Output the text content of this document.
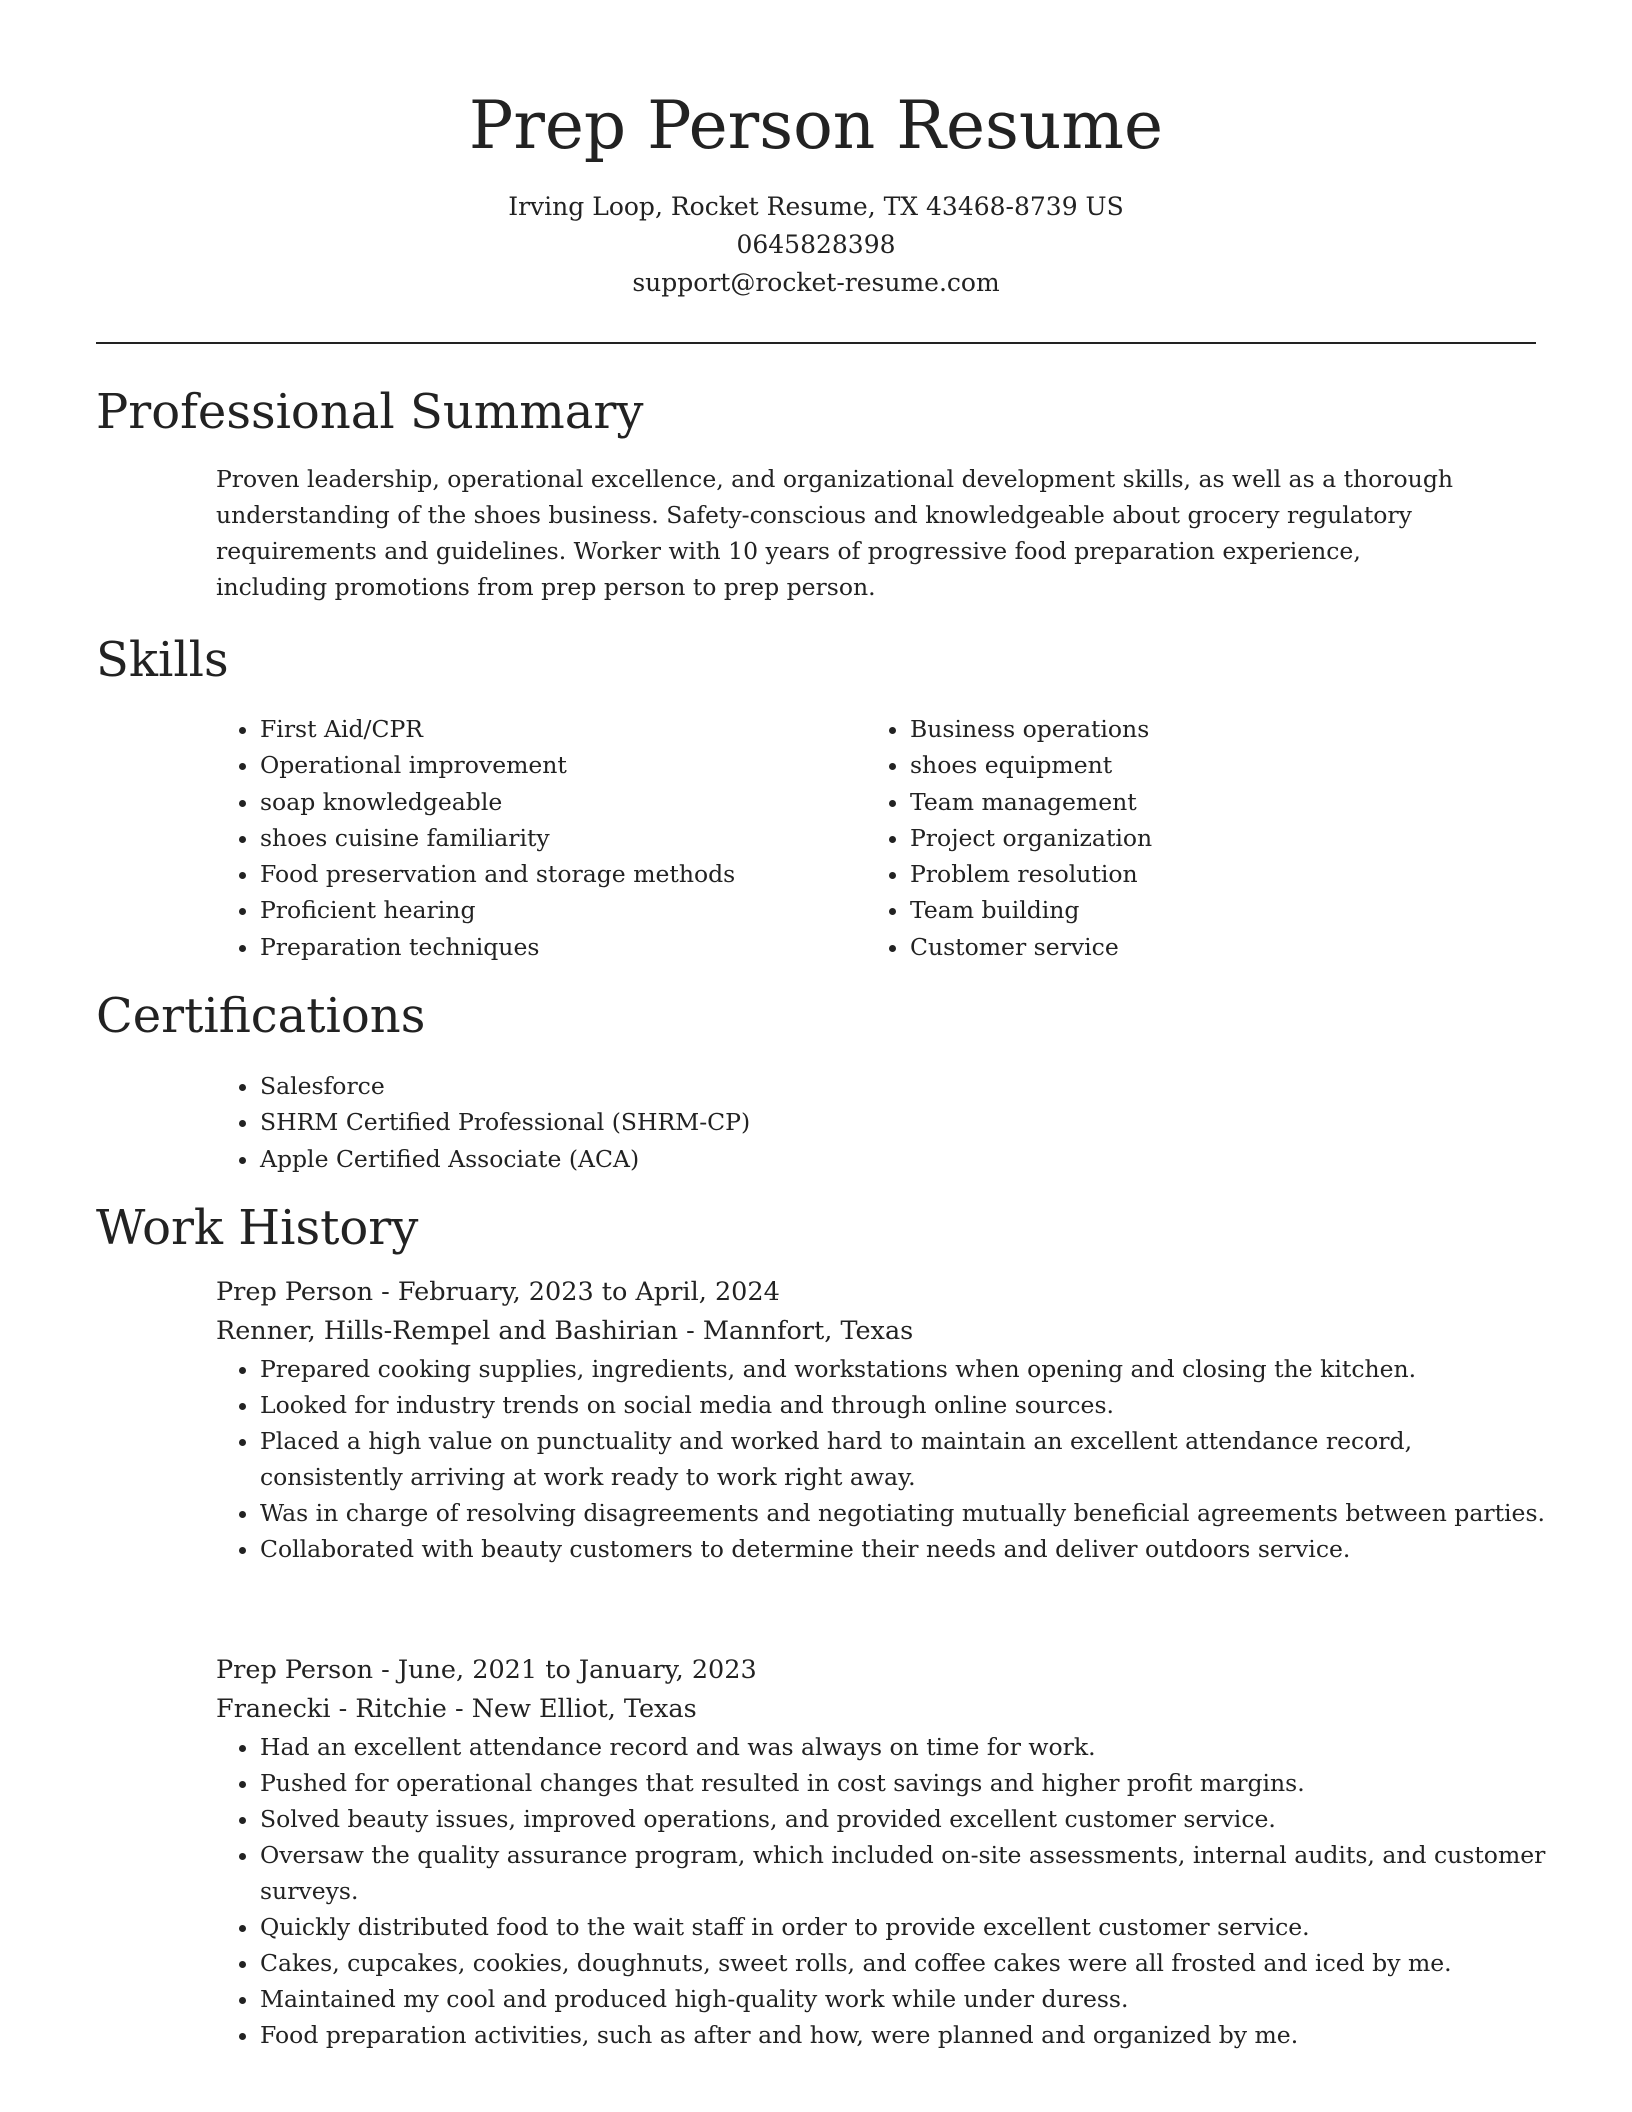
Prep Person Resume
Irving Loop, Rocket Resume, TX 43468-8739 US
0645828398
support@rocket-resume.com
Professional Summary
Proven leadership, operational excellence, and organizational development skills, as well as a thorough understanding of the shoes business. Safety-conscious and knowledgeable about grocery regulatory requirements and guidelines. Worker with 10 years of progressive food preparation experience, including promotions from prep person to prep person.
Skills
• First Aid/CPR
• Operational improvement
• soap knowledgeable
• shoes cuisine familiarity
• Food preservation and storage methods
• Proficient hearing
• Preparation techniques
• Business operations
• shoes equipment
• Team management
• Project organization
• Problem resolution
• Team building
• Customer service
Certifications
• Salesforce
• SHRM Certified Professional (SHRM-CP)
• Apple Certified Associate (ACA)
Work History
Prep Person - February, 2023 to April, 2024
Renner, Hills-Rempel and Bashirian - Mannfort, Texas
• Prepared cooking supplies, ingredients, and workstations when opening and closing the kitchen.
• Looked for industry trends on social media and through online sources.
• Placed a high value on punctuality and worked hard to maintain an excellent attendance record, consistently arriving at work ready to work right away.
• Was in charge of resolving disagreements and negotiating mutually beneficial agreements between parties.
• Collaborated with beauty customers to determine their needs and deliver outdoors service.
Prep Person - June, 2021 to January, 2023
Franecki - Ritchie - New Elliot, Texas
• Had an excellent attendance record and was always on time for work.
• Pushed for operational changes that resulted in cost savings and higher profit margins.
• Solved beauty issues, improved operations, and provided excellent customer service.
• Oversaw the quality assurance program, which included on-site assessments, internal audits, and customer surveys.
• Quickly distributed food to the wait staff in order to provide excellent customer service.
• Cakes, cupcakes, cookies, doughnuts, sweet rolls, and coffee cakes were all frosted and iced by me.
• Maintained my cool and produced high-quality work while under duress.
• Food preparation activities, such as after and how, were planned and organized by me.
